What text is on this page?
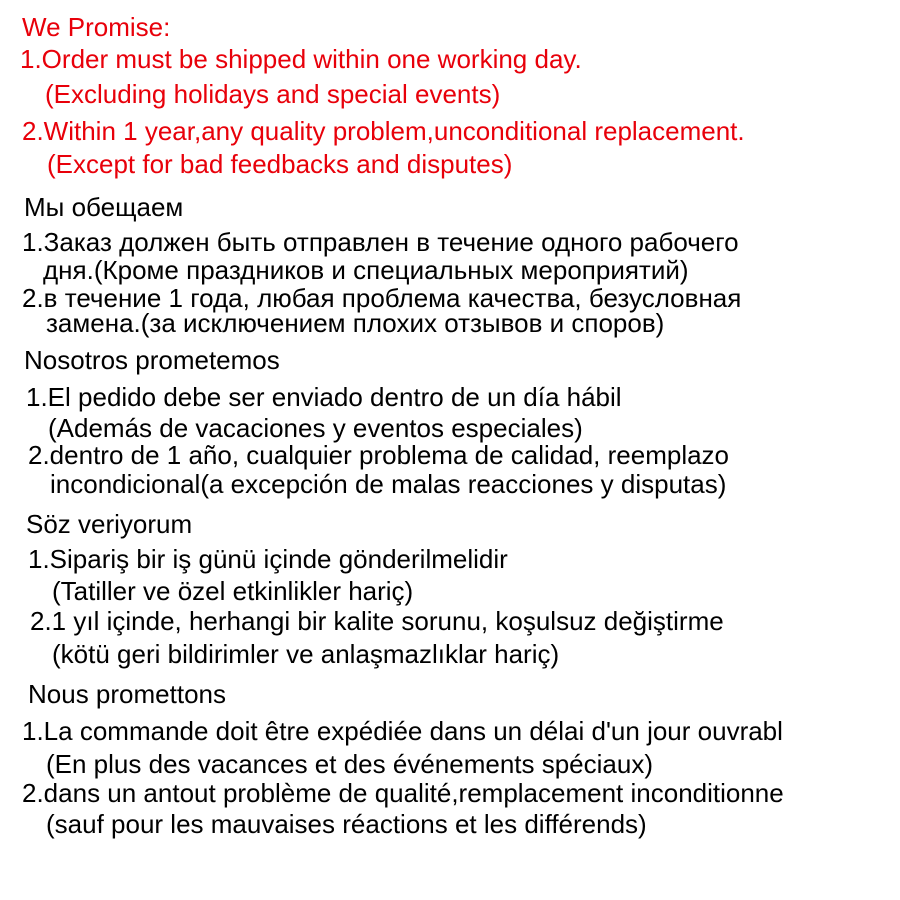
We Promise:
1.Order must be shipped within one working day.
(Excluding holidays and special events)
2.Within 1 year,any quality problem,unconditional replacement.
(Except for bad feedbacks and disputes)
Мы обещаем
1.Заказ должен быть отправлен в течение одного рабочего
дня.(Кроме праздников и специальных мероприятий)
2.в течение 1 года, любая проблема качества, безусловная
замена.(за исключением плохих отзывов и споров)
Nosotros prometemos
1.El pedido debe ser enviado dentro de un día hábil
(Además de vacaciones y eventos especiales)
2.dentro de 1 año, cualquier problema de calidad, reemplazo
incondicional(a excepción de malas reacciones y disputas)
Söz veriyorum
1.Sipariş bir iş günü içinde gönderilmelidir
(Tatiller ve özel etkinlikler hariç)
2.1 yıl içinde, herhangi bir kalite sorunu, koşulsuz değiştirme
(kötü geri bildirimler ve anlaşmazlıklar hariç)
Nous promettons
1.La commande doit être expédiée dans un délai d'un jour ouvrabl
(En plus des vacances et des événements spéciaux)
2.dans un antout problème de qualité,remplacement inconditionne
(sauf pour les mauvaises réactions et les différends)
